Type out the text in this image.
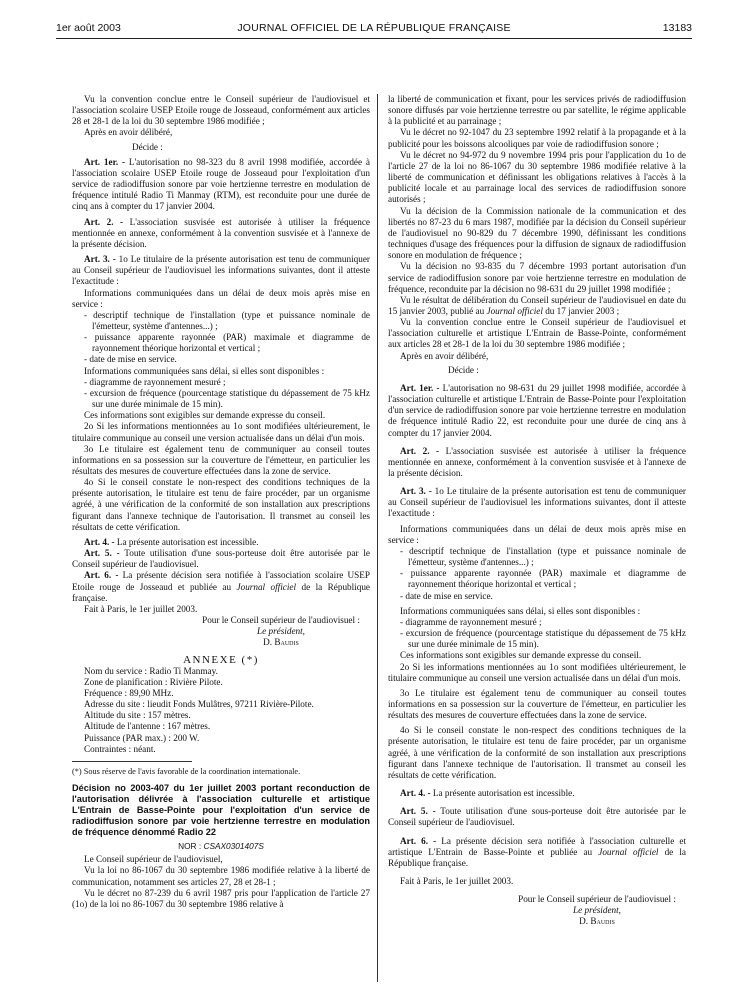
1er août 2003	JOURNAL OFFICIEL DE LA RÉPUBLIQUE FRANÇAISE	13183

Vu la convention conclue entre le Conseil supérieur de l'audiovisuel et l'association scolaire USEP Etoile rouge de Josseaud, conformément aux articles 28 et 28-1 de la loi du 30 septembre 1986 modifiée ;

Après en avoir délibéré,

Décide :

Art. 1er. - L'autorisation no 98-323 du 8 avril 1998 modifiée, accordée à l'association scolaire USEP Etoile rouge de Josseaud pour l'exploitation d'un service de radiodiffusion sonore par voie hertzienne terrestre en modulation de fréquence intitulé Radio Ti Manmay (RTM), est reconduite pour une durée de cinq ans à compter du 17 janvier 2004.

Art. 2. - L'association susvisée est autorisée à utiliser la fréquence mentionnée en annexe, conformément à la convention susvisée et à l'annexe de la présente décision.

Art. 3. - 1o Le titulaire de la présente autorisation est tenu de communiquer au Conseil supérieur de l'audiovisuel les informations suivantes, dont il atteste l'exactitude :

Informations communiquées dans un délai de deux mois après mise en service :

- descriptif technique de l'installation (type et puissance nominale de l'émetteur, système d'antennes...) ;

- puissance apparente rayonnée (PAR) maximale et diagramme de rayonnement théorique horizontal et vertical ;

- date de mise en service.

Informations communiquées sans délai, si elles sont disponibles :

- diagramme de rayonnement mesuré ;

- excursion de fréquence (pourcentage statistique du dépassement de 75 kHz sur une durée minimale de 15 min).

Ces informations sont exigibles sur demande expresse du conseil.

2o Si les informations mentionnées au 1o sont modifiées ultérieurement, le titulaire communique au conseil une version actualisée dans un délai d'un mois.

3o Le titulaire est également tenu de communiquer au conseil toutes informations en sa possession sur la couverture de l'émetteur, en particulier les résultats des mesures de couverture effectuées dans la zone de service.

4o Si le conseil constate le non-respect des conditions techniques de la présente autorisation, le titulaire est tenu de faire procéder, par un organisme agréé, à une vérification de la conformité de son installation aux prescriptions figurant dans l'annexe technique de l'autorisation. Il transmet au conseil les résultats de cette vérification.

Art. 4. - La présente autorisation est incessible.

Art. 5. - Toute utilisation d'une sous-porteuse doit être autorisée par le Conseil supérieur de l'audiovisuel.

Art. 6. - La présente décision sera notifiée à l'association scolaire USEP Etoile rouge de Josseaud et publiée au Journal officiel de la République française.

Fait à Paris, le 1er juillet 2003.

Pour le Conseil supérieur de l'audiovisuel :

Le président,

D. Baudis

ANNEXE (*)

Nom du service : Radio Ti Manmay.

Zone de planification : Rivière Pilote.

Fréquence : 89,90 MHz.

Adresse du site : lieudit Fonds Mulâtres, 97211 Rivière-Pilote.

Altitude du site : 157 mètres.

Altitude de l'antenne : 167 mètres.

Puissance (PAR max.) : 200 W.

Contraintes : néant.

(*) Sous réserve de l'avis favorable de la coordination internationale.

Décision no 2003-407 du 1er juillet 2003 portant reconduction de l'autorisation délivrée à l'association culturelle et artistique L'Entrain de Basse-Pointe pour l'exploitation d'un service de radiodiffusion sonore par voie hertzienne terrestre en modulation de fréquence dénommé Radio 22

NOR : CSAX0301407S

Le Conseil supérieur de l'audiovisuel,

Vu la loi no 86-1067 du 30 septembre 1986 modifiée relative à la liberté de communication, notamment ses articles 27, 28 et 28-1 ;

Vu le décret no 87-239 du 6 avril 1987 pris pour l'application de l'article 27 (1o) de la loi no 86-1067 du 30 septembre 1986 relative à

la liberté de communication et fixant, pour les services privés de radiodiffusion sonore diffusés par voie hertzienne terrestre ou par satellite, le régime applicable à la publicité et au parrainage ;

Vu le décret no 92-1047 du 23 septembre 1992 relatif à la propagande et à la publicité pour les boissons alcooliques par voie de radiodiffusion sonore ;

Vu le décret no 94-972 du 9 novembre 1994 pris pour l'application du 1o de l'article 27 de la loi no 86-1067 du 30 septembre 1986 modifiée relative à la liberté de communication et définissant les obligations relatives à l'accès à la publicité locale et au parrainage local des services de radiodiffusion sonore autorisés ;

Vu la décision de la Commission nationale de la communication et des libertés no 87-23 du 6 mars 1987, modifiée par la décision du Conseil supérieur de l'audiovisuel no 90-829 du 7 décembre 1990, définissant les conditions techniques d'usage des fréquences pour la diffusion de signaux de radiodiffusion sonore en modulation de fréquence ;

Vu la décision no 93-835 du 7 décembre 1993 portant autorisation d'un service de radiodiffusion sonore par voie hertzienne terrestre en modulation de fréquence, reconduite par la décision no 98-631 du 29 juillet 1998 modifiée ;

Vu le résultat de délibération du Conseil supérieur de l'audiovisuel en date du 15 janvier 2003, publié au Journal officiel du 17 janvier 2003 ;

Vu la convention conclue entre le Conseil supérieur de l'audiovisuel et l'association culturelle et artistique L'Entrain de Basse-Pointe, conformément aux articles 28 et 28-1 de la loi du 30 septembre 1986 modifiée ;

Après en avoir délibéré,

Décide :

Art. 1er. - L'autorisation no 98-631 du 29 juillet 1998 modifiée, accordée à l'association culturelle et artistique L'Entrain de Basse-Pointe pour l'exploitation d'un service de radiodiffusion sonore par voie hertzienne terrestre en modulation de fréquence intitulé Radio 22, est reconduite pour une durée de cinq ans à compter du 17 janvier 2004.

Art. 2. - L'association susvisée est autorisée à utiliser la fréquence mentionnée en annexe, conformément à la convention susvisée et à l'annexe de la présente décision.

Art. 3. - 1o Le titulaire de la présente autorisation est tenu de communiquer au Conseil supérieur de l'audiovisuel les informations suivantes, dont il atteste l'exactitude :

Informations communiquées dans un délai de deux mois après mise en service :

- descriptif technique de l'installation (type et puissance nominale de l'émetteur, système d'antennes...) ;

- puissance apparente rayonnée (PAR) maximale et diagramme de rayonnement théorique horizontal et vertical ;

- date de mise en service.

Informations communiquées sans délai, si elles sont disponibles :

- diagramme de rayonnement mesuré ;

- excursion de fréquence (pourcentage statistique du dépassement de 75 kHz sur une durée minimale de 15 min).

Ces informations sont exigibles sur demande expresse du conseil.

2o Si les informations mentionnées au 1o sont modifiées ultérieurement, le titulaire communique au conseil une version actualisée dans un délai d'un mois.

3o Le titulaire est également tenu de communiquer au conseil toutes informations en sa possession sur la couverture de l'émetteur, en particulier les résultats des mesures de couverture effectuées dans la zone de service.

4o Si le conseil constate le non-respect des conditions techniques de la présente autorisation, le titulaire est tenu de faire procéder, par un organisme agréé, à une vérification de la conformité de son installation aux prescriptions figurant dans l'annexe technique de l'autorisation. Il transmet au conseil les résultats de cette vérification.

Art. 4. - La présente autorisation est incessible.

Art. 5. - Toute utilisation d'une sous-porteuse doit être autorisée par le Conseil supérieur de l'audiovisuel.

Art. 6. - La présente décision sera notifiée à l'association culturelle et artistique L'Entrain de Basse-Pointe et publiée au Journal officiel de la République française.

Fait à Paris, le 1er juillet 2003.

Pour le Conseil supérieur de l'audiovisuel :

Le président,

D. Baudis
